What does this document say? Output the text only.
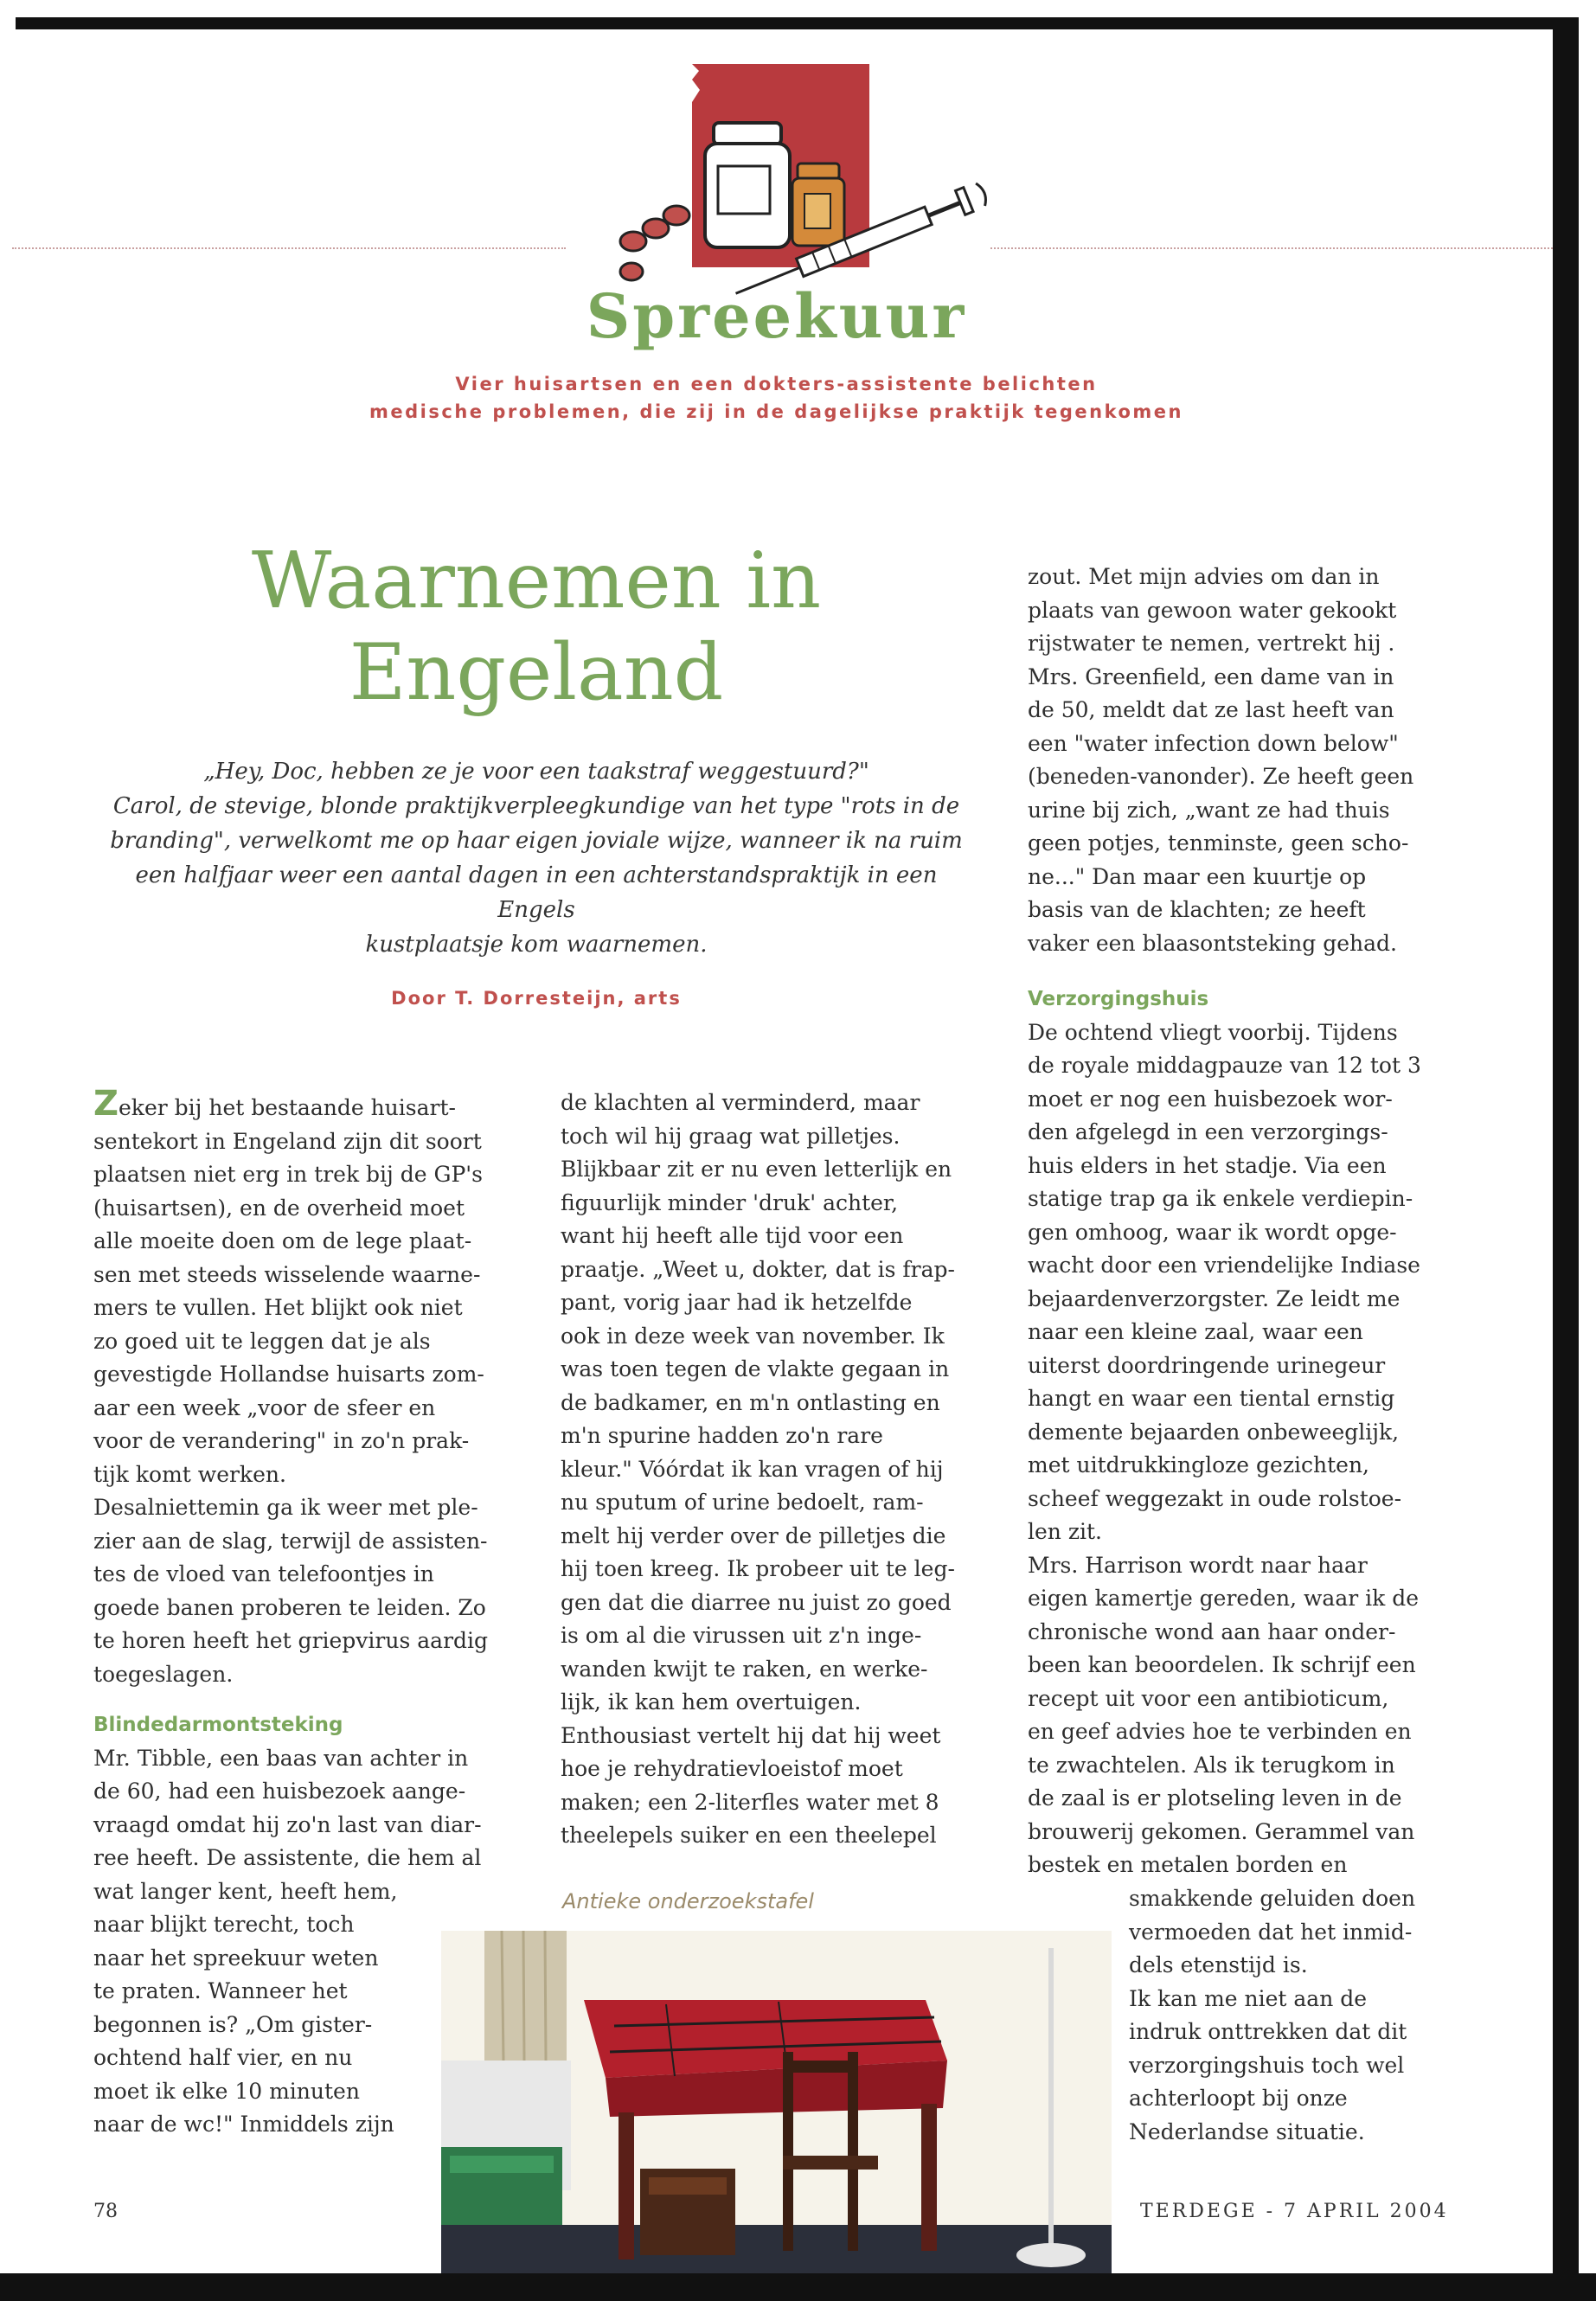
Spreekuur
Vier huisartsen en een dokters-assistente belichten
medische problemen, die zij in de dagelijkse praktijk tegenkomen
Waarnemen in
Engeland
„Hey, Doc, hebben ze je voor een taakstraf weggestuurd?"
Carol, de stevige, blonde praktijkverpleegkundige van het type "rots in de
branding", verwelkomt me op haar eigen joviale wijze, wanneer ik na ruim
een halfjaar weer een aantal dagen in een achterstandspraktijk in een Engels
kustplaatsje kom waarnemen.
Door T. Dorresteijn, arts

Zeker bij het bestaande huisart-
sentekort in Engeland zijn dit soort
plaatsen niet erg in trek bij de GP's
(huisartsen), en de overheid moet
alle moeite doen om de lege plaat-
sen met steeds wisselende waarne-
mers te vullen. Het blijkt ook niet
zo goed uit te leggen dat je als
gevestigde Hollandse huisarts zom-
aar een week „voor de sfeer en
voor de verandering" in zo'n prak-
tijk komt werken.

Desalniettemin ga ik weer met ple-
zier aan de slag, terwijl de assisten-
tes de vloed van telefoontjes in
goede banen proberen te leiden. Zo
te horen heeft het griepvirus aardig
toegeslagen.

Blindedarmontsteking

Mr. Tibble, een baas van achter in
de 60, had een huisbezoek aange-
vraagd omdat hij zo'n last van diar-
ree heeft. De assistente, die hem al
wat langer kent, heeft hem,
naar blijkt terecht, toch
naar het spreekuur weten
te praten. Wanneer het
begonnen is? „Om gister-
ochtend half vier, en nu
moet ik elke 10 minuten
naar de wc!" Inmiddels zijn

de klachten al verminderd, maar
toch wil hij graag wat pilletjes.
Blijkbaar zit er nu even letterlijk en
figuurlijk minder 'druk' achter,
want hij heeft alle tijd voor een
praatje. „Weet u, dokter, dat is frap-
pant, vorig jaar had ik hetzelfde
ook in deze week van november. Ik
was toen tegen de vlakte gegaan in
de badkamer, en m'n ontlasting en
m'n spurine hadden zo'n rare
kleur." Vóórdat ik kan vragen of hij
nu sputum of urine bedoelt, ram-
melt hij verder over de pilletjes die
hij toen kreeg. Ik probeer uit te leg-
gen dat die diarree nu juist zo goed
is om al die virussen uit z'n inge-
wanden kwijt te raken, en werke-
lijk, ik kan hem overtuigen.

Enthousiast vertelt hij dat hij weet
hoe je rehydratievloeistof moet
maken; een 2-literfles water met 8
theelepels suiker en een theelepel

zout. Met mijn advies om dan in
plaats van gewoon water gekookt
rijstwater te nemen, vertrekt hij .
Mrs. Greenfield, een dame van in
de 50, meldt dat ze last heeft van
een "water infection down below"
(beneden-vanonder). Ze heeft geen
urine bij zich, „want ze had thuis
geen potjes, tenminste, geen scho-
ne..." Dan maar een kuurtje op
basis van de klachten; ze heeft
vaker een blaasontsteking gehad.

Verzorgingshuis

De ochtend vliegt voorbij. Tijdens
de royale middagpauze van 12 tot 3
moet er nog een huisbezoek wor-
den afgelegd in een verzorgings-
huis elders in het stadje. Via een
statige trap ga ik enkele verdiepin-
gen omhoog, waar ik wordt opge-
wacht door een vriendelijke Indiase
bejaardenverzorgster. Ze leidt me
naar een kleine zaal, waar een
uiterst doordringende urinegeur
hangt en waar een tiental ernstig
demente bejaarden onbeweeglijk,
met uitdrukkingloze gezichten,
scheef weggezakt in oude rolstoe-
len zit.

Mrs. Harrison wordt naar haar
eigen kamertje gereden, waar ik de
chronische wond aan haar onder-
been kan beoordelen. Ik schrijf een
recept uit voor een antibioticum,
en geef advies hoe te verbinden en
te zwachtelen. Als ik terugkom in
de zaal is er plotseling leven in de
brouwerij gekomen. Gerammel van
bestek en metalen borden en

smakkende geluiden doen
vermoeden dat het inmid-
dels etenstijd is.

Ik kan me niet aan de
indruk onttrekken dat dit
verzorgingshuis toch wel
achterloopt bij onze
Nederlandse situatie.

Antieke onderzoekstafel
78	TERDEGE - 7 APRIL 2004
